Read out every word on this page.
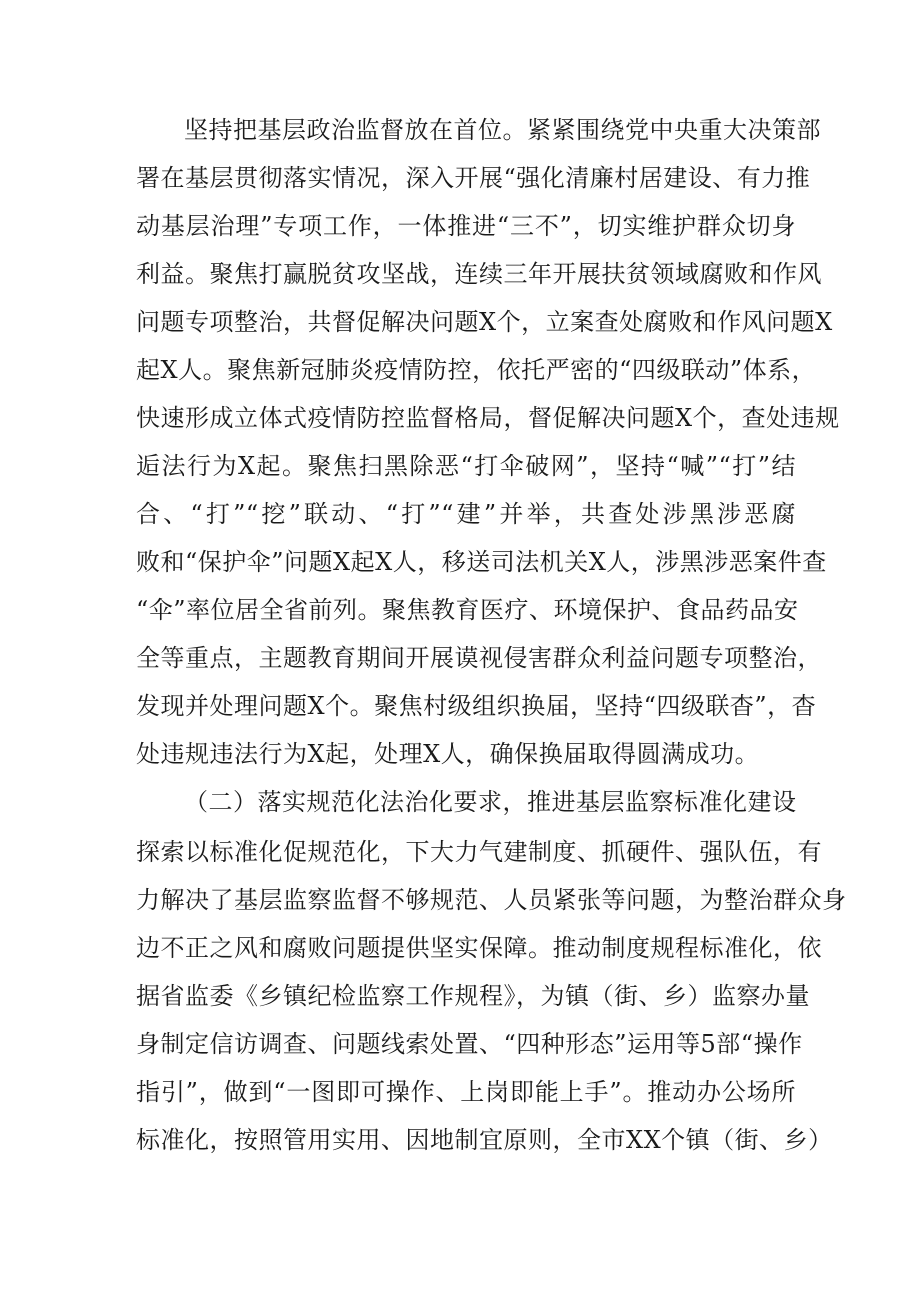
坚持把基层政治监督放在首位。紧紧围绕党中央重大决策部
署在基层贯彻落实情况，深入开展“强化清廉村居建设、有力推
动基层治理”专项工作，一体推进“三不”，切实维护群众切身
利益。聚焦打赢脱贫攻坚战，连续三年开展扶贫领域腐败和作风
问题专项整治，共督促解决问题X个，立案查处腐败和作风问题X
起X人。聚焦新冠肺炎疫情防控，依托严密的“四级联动”体系，
快速形成立体式疫情防控监督格局，督促解决问题X个，查处违规
逅法行为X起。聚焦扫黑除恶“打伞破网”，坚持“喊”“打”结
合、“打”“挖”联动、“打”“建”并举，共查处涉黑涉恶腐
败和“保护伞”问题X起X人，移送司法机关X人，涉黑涉恶案件查
“伞”率位居全省前列。聚焦教育医疗、环境保护、食品药品安
全等重点，主题教育期间开展谟视侵害群众利益问题专项整治，
发现并处理问题X个。聚焦村级组织换届，坚持“四级联杳”，杳
处违规违法行为X起，处理X人，确保换届取得圆满成功。
（二）落实规范化法治化要求，推进基层监察标准化建设
探索以标准化促规范化，下大力气建制度、抓硬件、强队伍，有
力解决了基层监察监督不够规范、人员紧张等问题，为整治群众身
边不正之风和腐败问题提供坚实保障。推动制度规程标准化，依
据省监委《乡镇纪检监察工作规程》，为镇（街、乡）监察办量
身制定信访调查、问题线索处置、“四种形态”运用等5部“操作
指引”，做到“一图即可操作、上岗即能上手”。推动办公场所
标准化，按照管用实用、因地制宜原则，全市XX个镇（街、乡）
